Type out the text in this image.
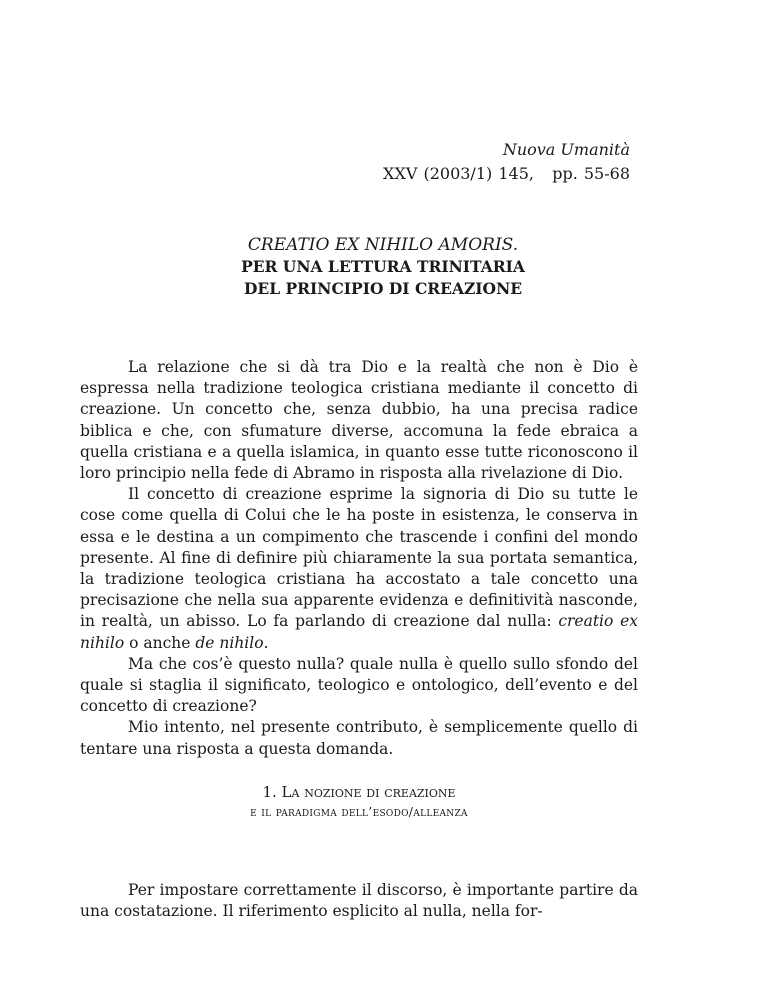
Nuova Umanità
XXV (2003/1) 145,   pp. 55-68
CREATIO EX NIHILO AMORIS.
PER UNA LETTURA TRINITARIA
DEL PRINCIPIO DI CREAZIONE

La relazione che si dà tra Dio e la realtà che non è Dio è espressa nella tradizione teologica cristiana mediante il concetto di creazione. Un concetto che, senza dubbio, ha una precisa radice biblica e che, con sfumature diverse, accomuna la fede ebraica a quella cristiana e a quella islamica, in quanto esse tutte riconoscono il loro principio nella fede di Abramo in risposta alla rivelazione di Dio.

Il concetto di creazione esprime la signoria di Dio su tutte le cose come quella di Colui che le ha poste in esistenza, le conserva in essa e le destina a un compimento che trascende i confini del mondo presente. Al fine di definire più chiaramente la sua portata semantica, la tradizione teologica cristiana ha accostato a tale concetto una precisazione che nella sua apparente evidenza e definitività nasconde, in realtà, un abisso. Lo fa parlando di creazione dal nulla: creatio ex nihilo o anche de nihilo.

Ma che cos’è questo nulla? quale nulla è quello sullo sfondo del quale si staglia il significato, teologico e ontologico, dell’evento e del concetto di creazione?

Mio intento, nel presente contributo, è semplicemente quello di tentare una risposta a questa domanda.

1. La nozione di creazione
e il paradigma dell’esodo/alleanza

Per impostare correttamente il discorso, è importante partire da una costatazione. Il riferimento esplicito al nulla, nella for-
